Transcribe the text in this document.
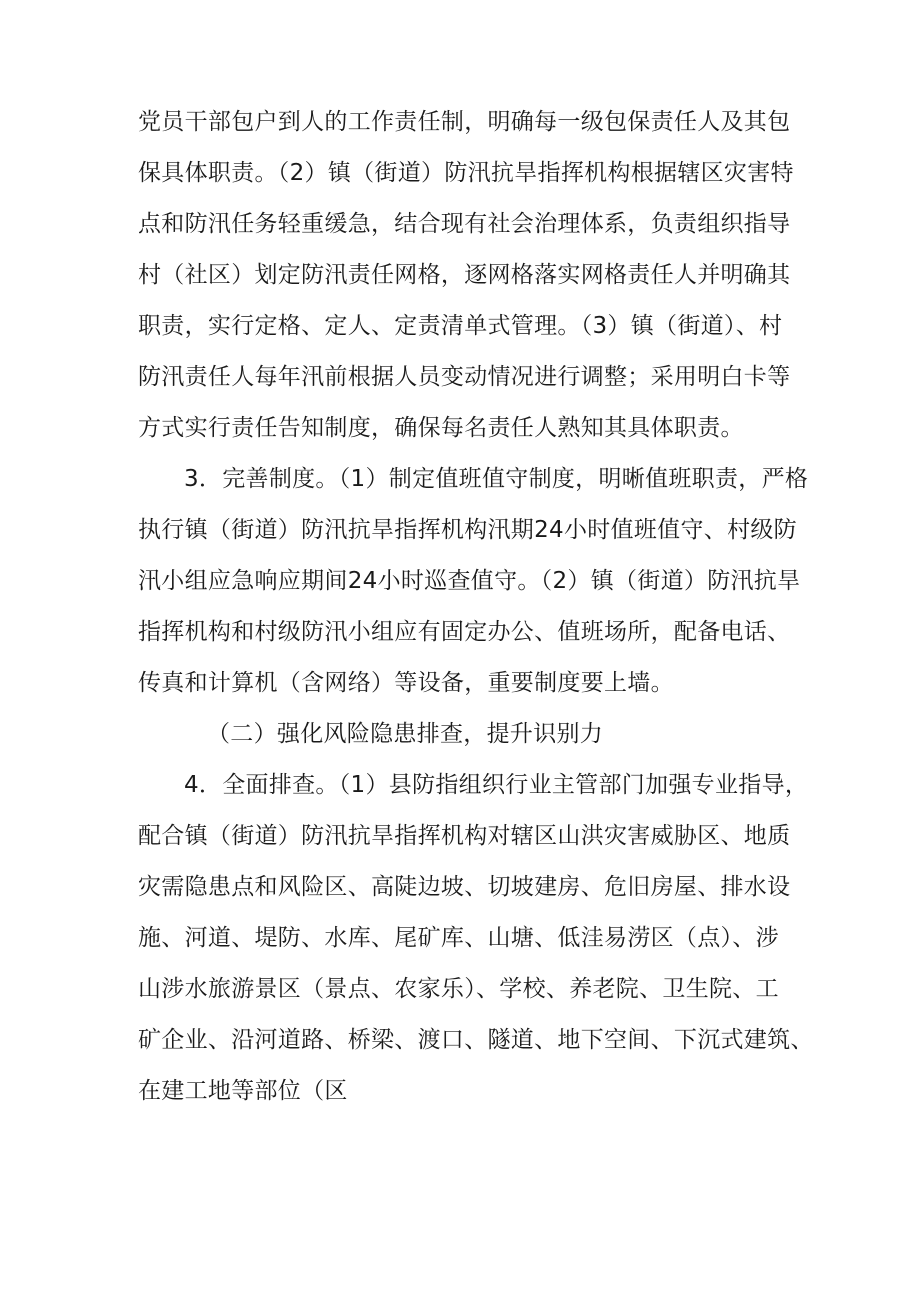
党员干部包户到人的工作责任制，明确每一级包保责任人及其包
保具体职责。（2）镇（街道）防汛抗旱指挥机构根据辖区灾害特
点和防汛任务轻重缓急，结合现有社会治理体系，负责组织指导
村（社区）划定防汛责任网格，逐网格落实网格责任人并明确其
职责，实行定格、定人、定责清单式管理。（3）镇（街道）、村
防汛责任人每年汛前根据人员变动情况进行调整；采用明白卡等
方式实行责任告知制度，确保每名责任人熟知其具体职责。
3．完善制度。（1）制定值班值守制度，明晰值班职责，严格
执行镇（街道）防汛抗旱指挥机构汛期24小时值班值守、村级防
汛小组应急响应期间24小时巡查值守。（2）镇（街道）防汛抗旱
指挥机构和村级防汛小组应有固定办公、值班场所，配备电话、
传真和计算机（含网络）等设备，重要制度要上墙。
（二）强化风险隐患排查，提升识别力
4．全面排查。（1）县防指组织行业主管部门加强专业指导，
配合镇（街道）防汛抗旱指挥机构对辖区山洪灾害威胁区、地质
灾需隐患点和风险区、高陡边坡、切坡建房、危旧房屋、排水设
施、河道、堤防、水库、尾矿库、山塘、低洼易涝区（点）、涉
山涉水旅游景区（景点、农家乐）、学校、养老院、卫生院、工
矿企业、沿河道路、桥梁、渡口、隧道、地下空间、下沉式建筑、
在建工地等部位（区
